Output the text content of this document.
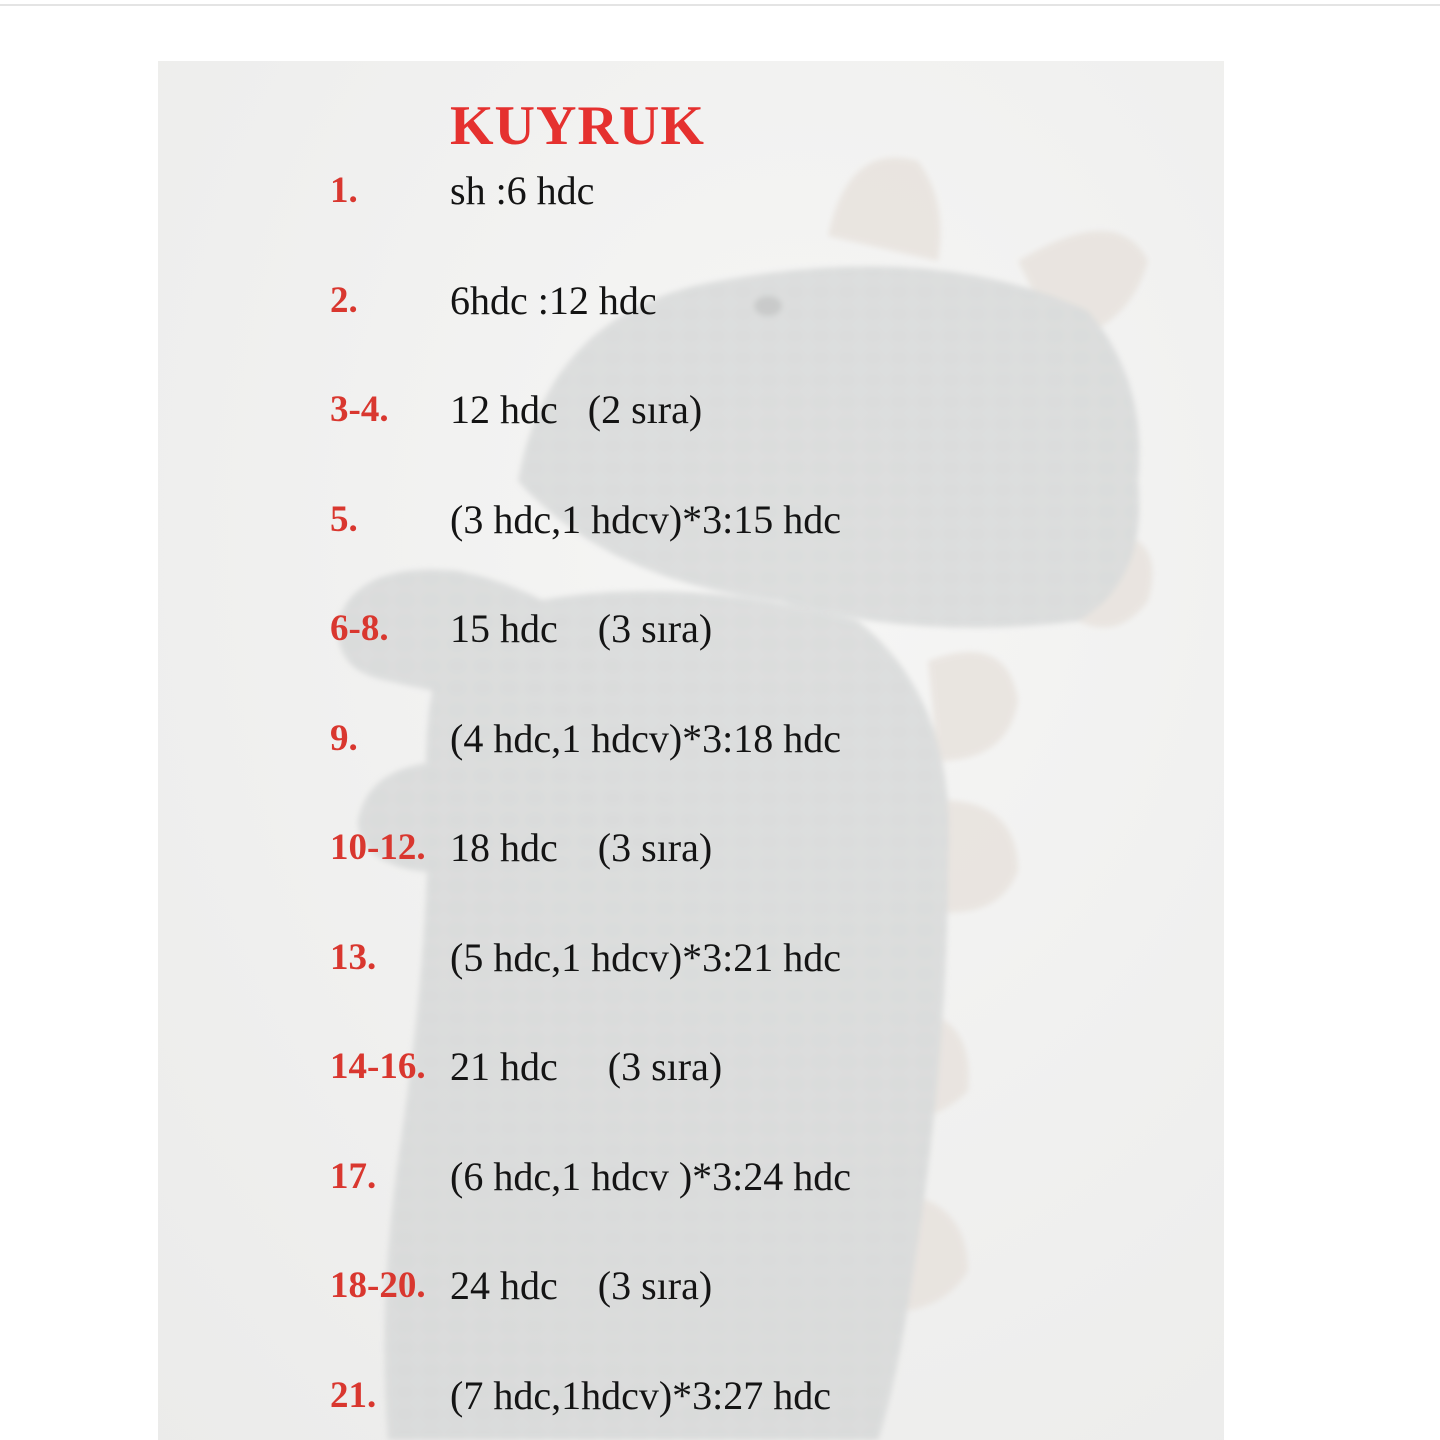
KUYRUK
1. sh :6 hdc
2. 6hdc :12 hdc
3-4. 12 hdc   (2 sıra)
5. (3 hdc,1 hdcv)*3:15 hdc
6-8. 15 hdc    (3 sıra)
9. (4 hdc,1 hdcv)*3:18 hdc
10-12. 18 hdc    (3 sıra)
13. (5 hdc,1 hdcv)*3:21 hdc
14-16. 21 hdc     (3 sıra)
17. (6 hdc,1 hdcv )*3:24 hdc
18-20. 24 hdc    (3 sıra)
21. (7 hdc,1hdcv)*3:27 hdc
